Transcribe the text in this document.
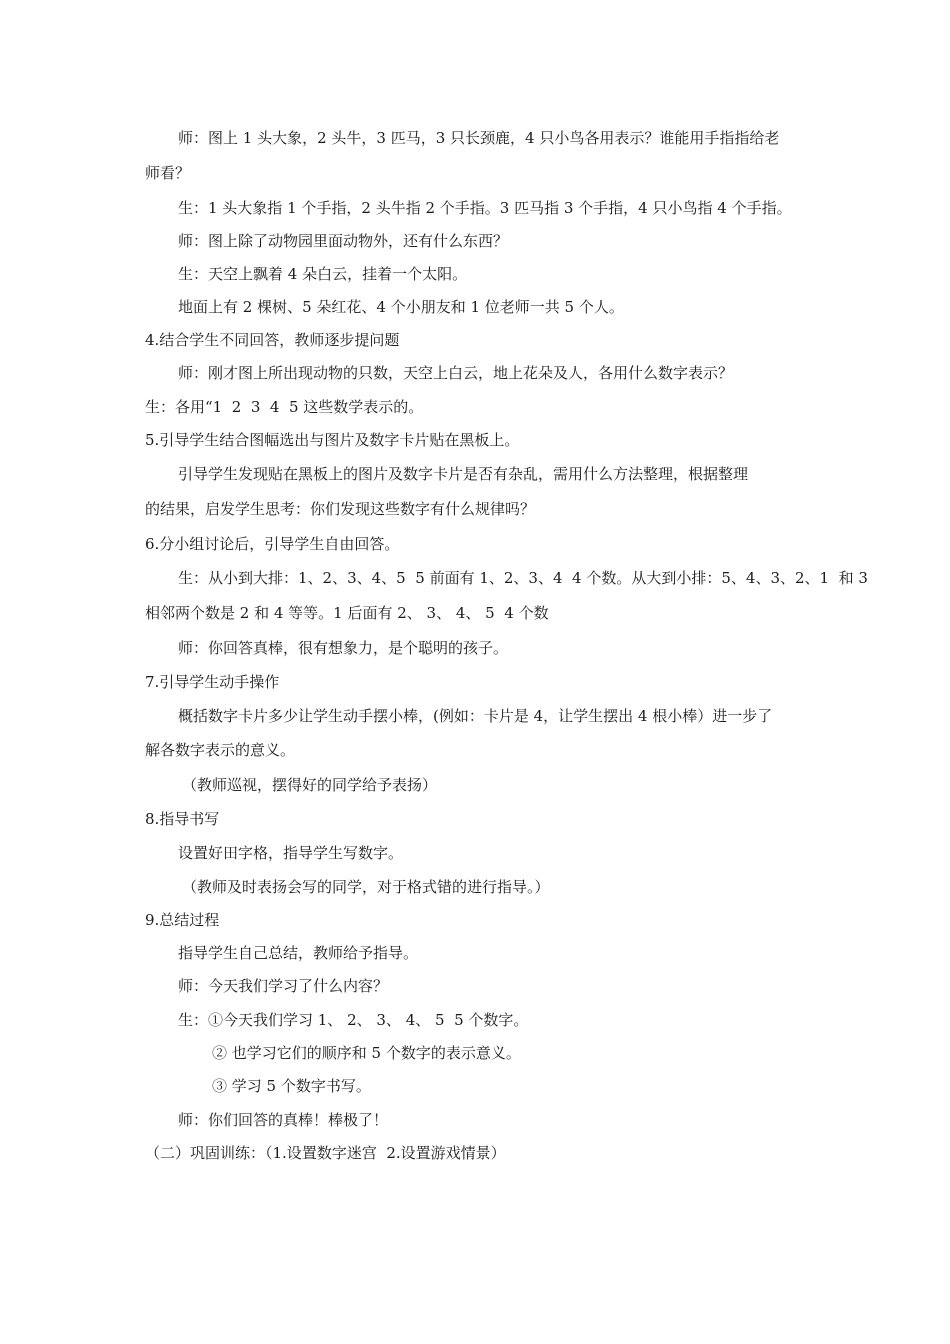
师：图上 1 头大象，2 头牛，3 匹马，3 只长颈鹿，4 只小鸟各用表示？谁能用手指指给老
师看？
生：1 头大象指 1 个手指，2 头牛指 2 个手指。3 匹马指 3 个手指，4 只小鸟指 4 个手指。
师：图上除了动物园里面动物外，还有什么东西？
生：天空上飘着 4 朵白云，挂着一个太阳。
地面上有 2 棵树、5 朵红花、4 个小朋友和 1 位老师一共 5 个人。
4.结合学生不同回答，教师逐步提问题
师：刚才图上所出现动物的只数，天空上白云，地上花朵及人，各用什么数字表示？
生：各用“1  2  3  4  5 这些数学表示的。
5.引导学生结合图幅选出与图片及数字卡片贴在黑板上。
引导学生发现贴在黑板上的图片及数字卡片是否有杂乱，需用什么方法整理，根据整理
的结果，启发学生思考：你们发现这些数字有什么规律吗？
6.分小组讨论后，引导学生自由回答。
生：从小到大排：1、2、3、4、5  5 前面有 1、2、3、4  4 个数。从大到小排：5、4、3、2、1  和 3
相邻两个数是 2 和 4 等等。1 后面有 2、 3、 4、 5  4 个数
师：你回答真棒，很有想象力，是个聪明的孩子。
7.引导学生动手操作
概括数字卡片多少让学生动手摆小棒，(例如：卡片是 4，让学生摆出 4 根小棒）进一步了
解各数字表示的意义。
（教师巡视，摆得好的同学给予表扬）
8.指导书写
设置好田字格，指导学生写数字。
（教师及时表扬会写的同学，对于格式错的进行指导。）
9.总结过程
指导学生自己总结，教师给予指导。
师：今天我们学习了什么内容？
生：①今天我们学习 1、 2、 3、 4、 5  5 个数字。
② 也学习它们的顺序和 5 个数字的表示意义。
③ 学习 5 个数字书写。
师：你们回答的真棒！棒极了！
（二）巩固训练：（1.设置数字迷宫  2.设置游戏情景）
